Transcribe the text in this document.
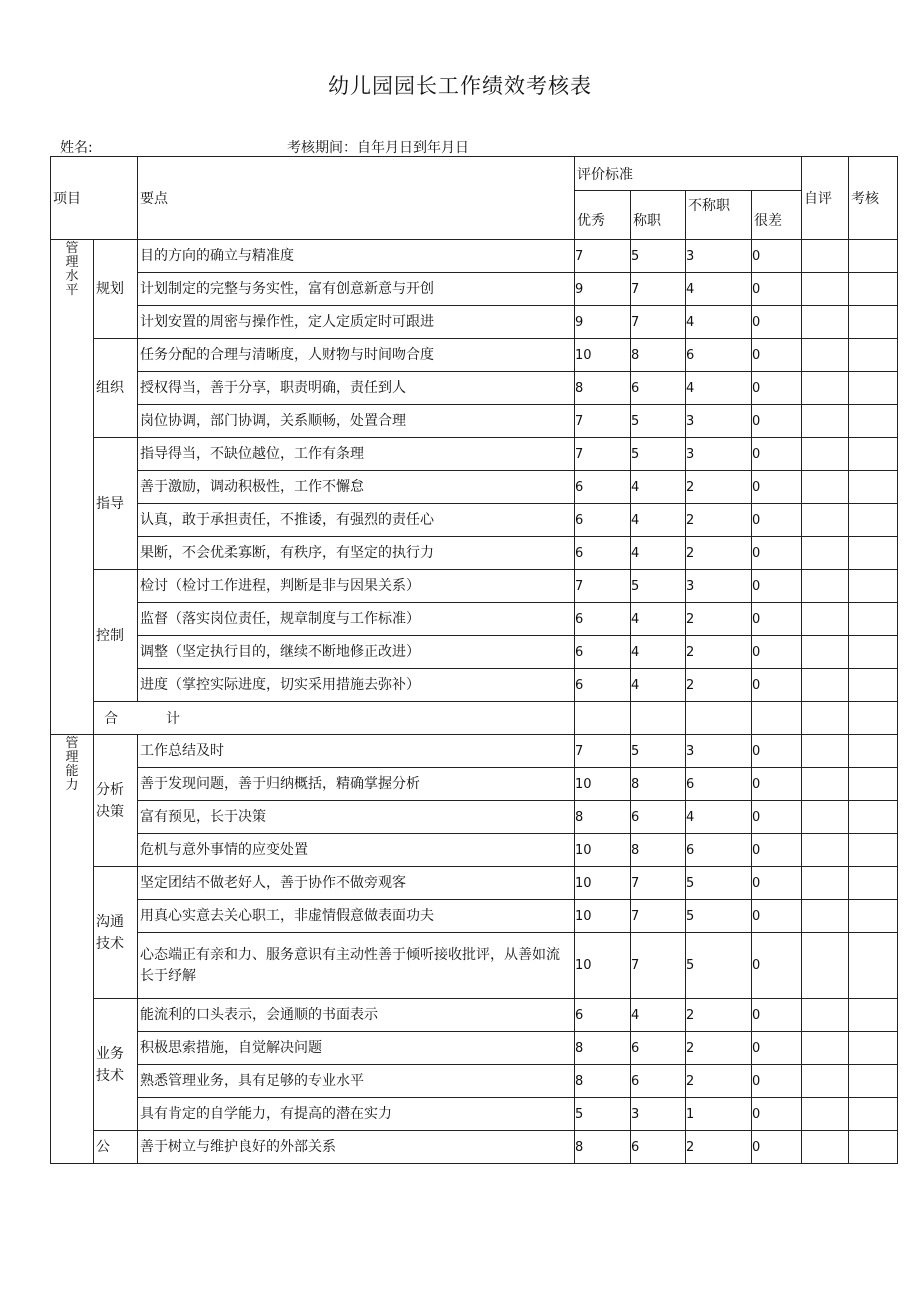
幼儿园园长工作绩效考核表
姓名:	考核期间：自年月日到年月日
项目		要点	评价标准				自评	考核
			优秀	称职	不称职	很差		

管理水平	规划	目的方向的确立与精准度	7	5	3	0		
		计划制定的完整与务实性，富有创意新意与开创	9	7	4	0		
		计划安置的周密与操作性，定人定质定时可跟进	9	7	4	0		
	组织	任务分配的合理与清晰度，人财物与时间吻合度	10	8	6	0		
		授权得当，善于分享，职责明确，责任到人	8	6	4	0		
		岗位协调，部门协调，关系顺畅，处置合理	7	5	3	0		
	指导	指导得当，不缺位越位，工作有条理	7	5	3	0		
		善于激励，调动积极性，工作不懈怠	6	4	2	0		
		认真，敢于承担责任，不推诿，有强烈的责任心	6	4	2	0		
		果断，不会优柔寡断，有秩序，有坚定的执行力	6	4	2	0		
	控制	检讨（检讨工作进程，判断是非与因果关系）	7	5	3	0		
		监督（落实岗位责任，规章制度与工作标准）	6	4	2	0		
		调整（坚定执行目的，继续不断地修正改进）	6	4	2	0		
		进度（掌控实际进度，切实采用措施去弥补）	6	4	2	0		
	合 计							

管理能力	分析决策	工作总结及时	7	5	3	0		
		善于发现问题，善于归纳概括，精确掌握分析	10	8	6	0		
		富有预见，长于决策	8	6	4	0		
		危机与意外事情的应变处置	10	8	6	0		
	沟通技术	坚定团结不做老好人，善于协作不做旁观客	10	7	5	0		
		用真心实意去关心职工，非虚情假意做表面功夫	10	7	5	0		
		心态端正有亲和力、服务意识有主动性善于倾听接收批评，从善如流长于纾解	10	7	5	0		
	业务技术	能流利的口头表示，会通顺的书面表示	6	4	2	0		
		积极思索措施，自觉解决问题	8	6	2	0		
		熟悉管理业务，具有足够的专业水平	8	6	2	0		
		具有肯定的自学能力，有提高的潜在实力	5	3	1	0		
	公	善于树立与维护良好的外部关系	8	6	2	0		
